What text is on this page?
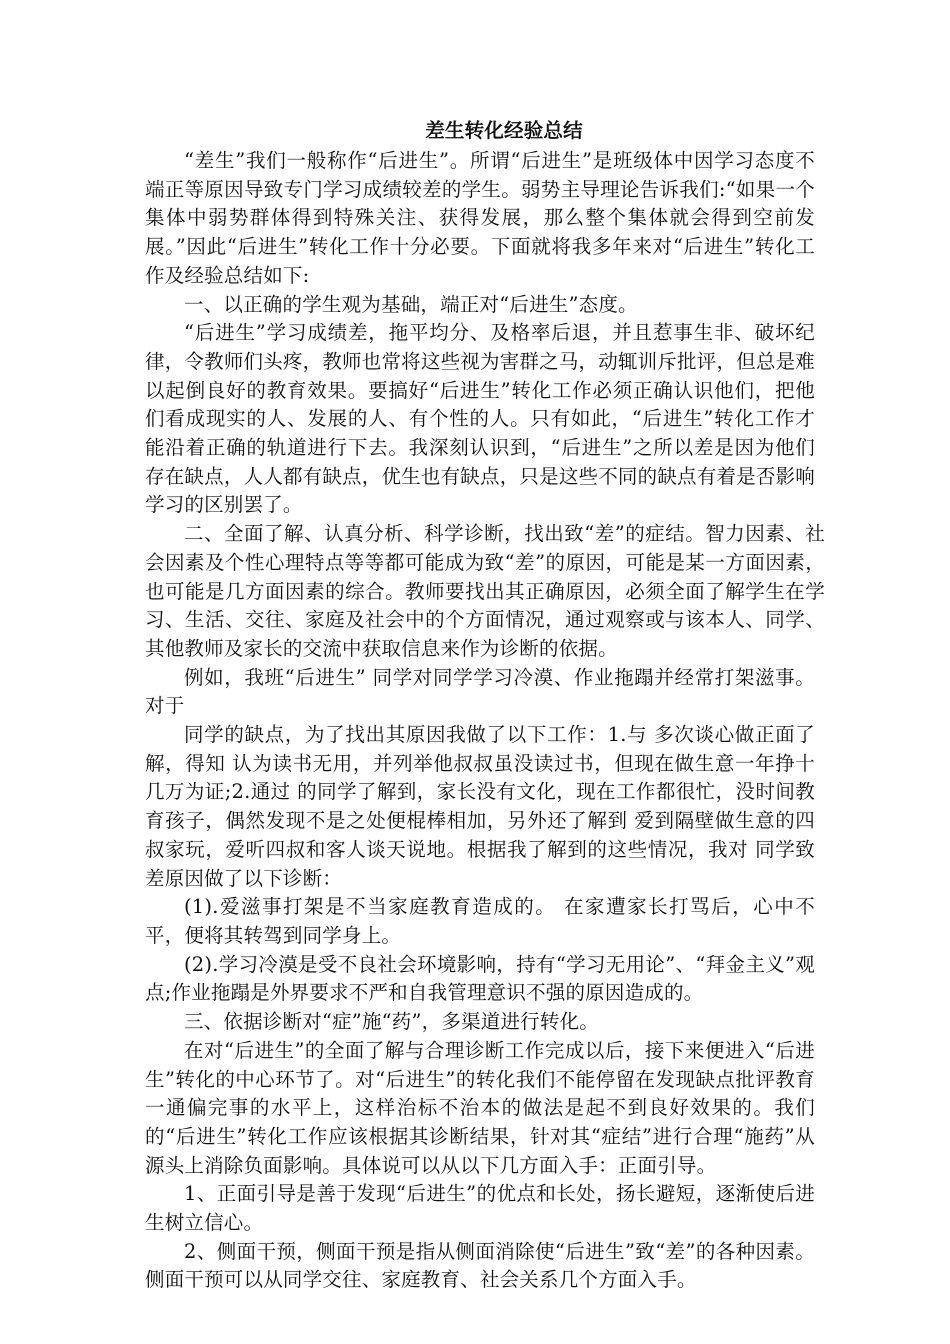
差生转化经验总结

“差生”我们一般称作“后进生”。所谓“后进生”是班级体中因学习态度不端正等原因导致专门学习成绩较差的学生。弱势主导理论告诉我们:“如果一个集体中弱势群体得到特殊关注、获得发展，那么整个集体就会得到空前发展。”因此“后进生”转化工作十分必要。下面就将我多年来对“后进生”转化工作及经验总结如下:

一、以正确的学生观为基础，端正对“后进生”态度。

“后进生”学习成绩差，拖平均分、及格率后退，并且惹事生非、破坏纪律，令教师们头疼，教师也常将这些视为害群之马，动辄训斥批评，但总是难以起倒良好的教育效果。要搞好“后进生”转化工作必须正确认识他们，把他们看成现实的人、发展的人、有个性的人。只有如此，“后进生”转化工作才能沿着正确的轨道进行下去。我深刻认识到，“后进生”之所以差是因为他们存在缺点，人人都有缺点，优生也有缺点，只是这些不同的缺点有着是否影响学习的区别罢了。

二、全面了解、认真分析、科学诊断，找出致“差”的症结。智力因素、社会因素及个性心理特点等等都可能成为致“差”的原因，可能是某一方面因素，也可能是几方面因素的综合。教师要找出其正确原因，必须全面了解学生在学习、生活、交往、家庭及社会中的个方面情况，通过观察或与该本人、同学、其他教师及家长的交流中获取信息来作为诊断的依据。

例如，我班“后进生” 同学对同学学习冷漠、作业拖蹋并经常打架滋事。对于

同学的缺点，为了找出其原因我做了以下工作：1.与 多次谈心做正面了解，得知 认为读书无用，并列举他叔叔虽没读过书，但现在做生意一年挣十几万为证;2.通过 的同学了解到，家长没有文化，现在工作都很忙，没时间教育孩子，偶然发现不是之处便棍棒相加，另外还了解到 爱到隔壁做生意的四叔家玩，爱听四叔和客人谈天说地。根据我了解到的这些情况，我对 同学致差原因做了以下诊断：

(1).爱滋事打架是不当家庭教育造成的。 在家遭家长打骂后，心中不平，便将其转驾到同学身上。

(2).学习冷漠是受不良社会环境影响，持有“学习无用论”、“拜金主义”观点;作业拖蹋是外界要求不严和自我管理意识不强的原因造成的。

三、依据诊断对“症”施“药”，多渠道进行转化。

在对“后进生”的全面了解与合理诊断工作完成以后，接下来便进入“后进生”转化的中心环节了。对“后进生”的转化我们不能停留在发现缺点批评教育一通偏完事的水平上，这样治标不治本的做法是起不到良好效果的。我们的“后进生”转化工作应该根据其诊断结果，针对其“症结”进行合理“施药”从源头上消除负面影响。具体说可以从以下几方面入手：正面引导。

1、正面引导是善于发现“后进生”的优点和长处，扬长避短，逐渐使后进生树立信心。

2、侧面干预，侧面干预是指从侧面消除使“后进生”致“差”的各种因素。侧面干预可以从同学交往、家庭教育、社会关系几个方面入手。
